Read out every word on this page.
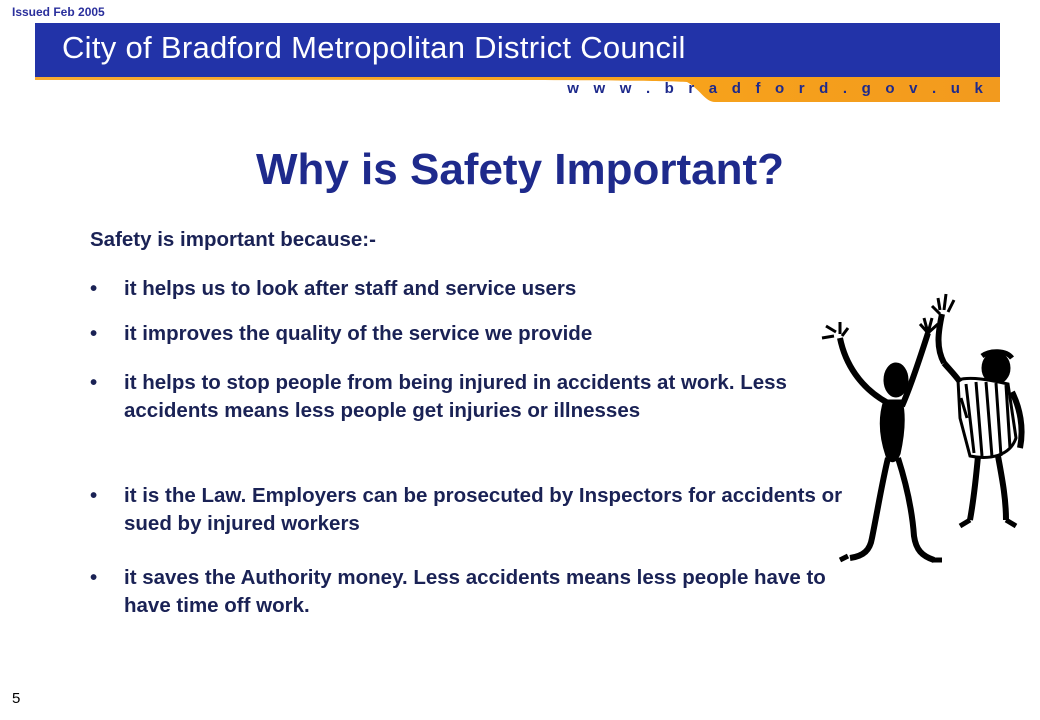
Issued Feb 2005
City of Bradford Metropolitan District Council
w w w . b r a d f o r d . g o v . u k
Why is Safety Important?
Safety is important because:-
•	it helps us to look after staff and service users
•	it improves the quality of the service we provide
•	it helps to stop people from being injured in accidents at work. Less accidents means less people get injuries or illnesses
•	it is the Law. Employers can be prosecuted by Inspectors for accidents or sued by injured workers
•	it saves the Authority money. Less accidents means less people have to have time off work.
5
